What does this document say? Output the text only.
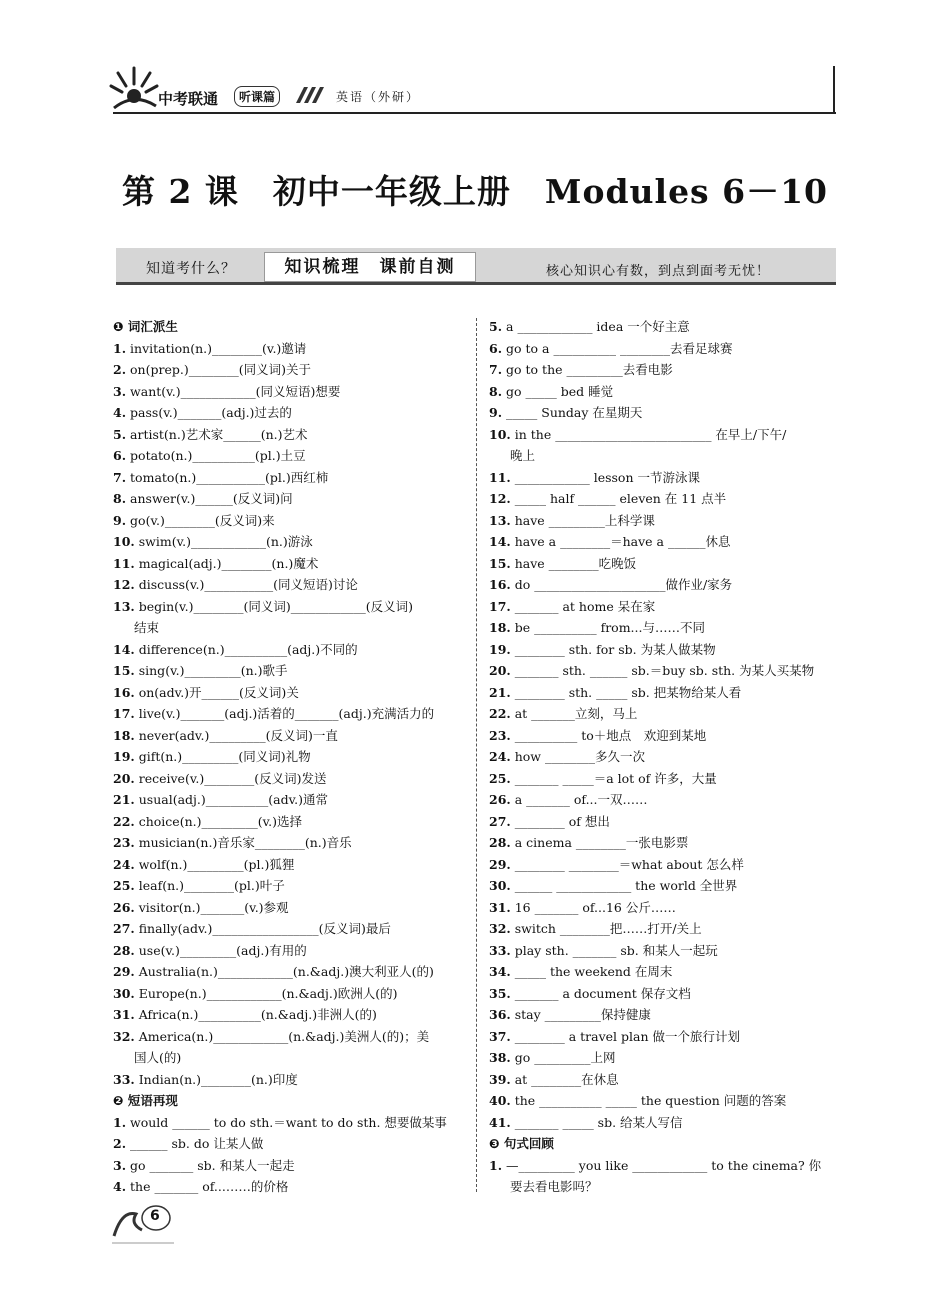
中考联通	听课篇	英语（外研）
第 2 课　初中一年级上册　Modules 6－10
知道考什么？	知识梳理　课前自测	核心知识心有数，到点到面考无忧！
❶ 词汇派生
1. invitation(n.)________(v.)邀请
2. on(prep.)________(同义词)关于
3. want(v.)____________(同义短语)想要
4. pass(v.)_______(adj.)过去的
5. artist(n.)艺术家______(n.)艺术
6. potato(n.)__________(pl.)土豆
7. tomato(n.)___________(pl.)西红柿
8. answer(v.)______(反义词)问
9. go(v.)________(反义词)来
10. swim(v.)____________(n.)游泳
11. magical(adj.)________(n.)魔术
12. discuss(v.)___________(同义短语)讨论
13. begin(v.)________(同义词)____________(反义词)
结束
14. difference(n.)__________(adj.)不同的
15. sing(v.)_________(n.)歌手
16. on(adv.)开______(反义词)关
17. live(v.)_______(adj.)活着的_______(adj.)充满活力的
18. never(adv.)_________(反义词)一直
19. gift(n.)_________(同义词)礼物
20. receive(v.)________(反义词)发送
21. usual(adj.)__________(adv.)通常
22. choice(n.)_________(v.)选择
23. musician(n.)音乐家________(n.)音乐
24. wolf(n.)_________(pl.)狐狸
25. leaf(n.)________(pl.)叶子
26. visitor(n.)_______(v.)参观
27. finally(adv.)_________________(反义词)最后
28. use(v.)_________(adj.)有用的
29. Australia(n.)____________(n.&adj.)澳大利亚人(的)
30. Europe(n.)____________(n.&adj.)欧洲人(的)
31. Africa(n.)__________(n.&adj.)非洲人(的)
32. America(n.)____________(n.&adj.)美洲人(的)；美
国人(的)
33. Indian(n.)________(n.)印度
❷ 短语再现
1. would ______ to do sth.＝want to do sth. 想要做某事
2. ______ sb. do 让某人做
3. go _______ sb. 和某人一起走
4. the _______ of...……的价格
5. a ____________ idea 一个好主意
6. go to a __________ ________去看足球赛
7. go to the _________去看电影
8. go _____ bed 睡觉
9. _____ Sunday 在星期天
10. in the _________________________ 在早上/下午/
晚上
11. ____________ lesson 一节游泳课
12. _____ half ______ eleven 在 11 点半
13. have _________上科学课
14. have a ________＝have a ______休息
15. have ________吃晚饭
16. do _____________________做作业/家务
17. _______ at home 呆在家
18. be __________ from...与……不同
19. ________ sth. for sb. 为某人做某物
20. _______ sth. ______ sb.＝buy sb. sth. 为某人买某物
21. ________ sth. _____ sb. 把某物给某人看
22. at _______立刻，马上
23. __________ to＋地点　欢迎到某地
24. how ________多久一次
25. _______ _____＝a lot of 许多，大量
26. a _______ of...一双……
27. ________ of 想出
28. a cinema ________一张电影票
29. ________ ________＝what about 怎么样
30. ______ ____________ the world 全世界
31. 16 _______ of...16 公斤……
32. switch ________把……打开/关上
33. play sth. _______ sb. 和某人一起玩
34. _____ the weekend 在周末
35. _______ a document 保存文档
36. stay _________保持健康
37. ________ a travel plan 做一个旅行计划
38. go _________上网
39. at ________在休息
40. the __________ _____ the question 问题的答案
41. _______ _____ sb. 给某人写信
❸ 句式回顾
1. —_________ you like ____________ to the cinema? 你
要去看电影吗？
6
